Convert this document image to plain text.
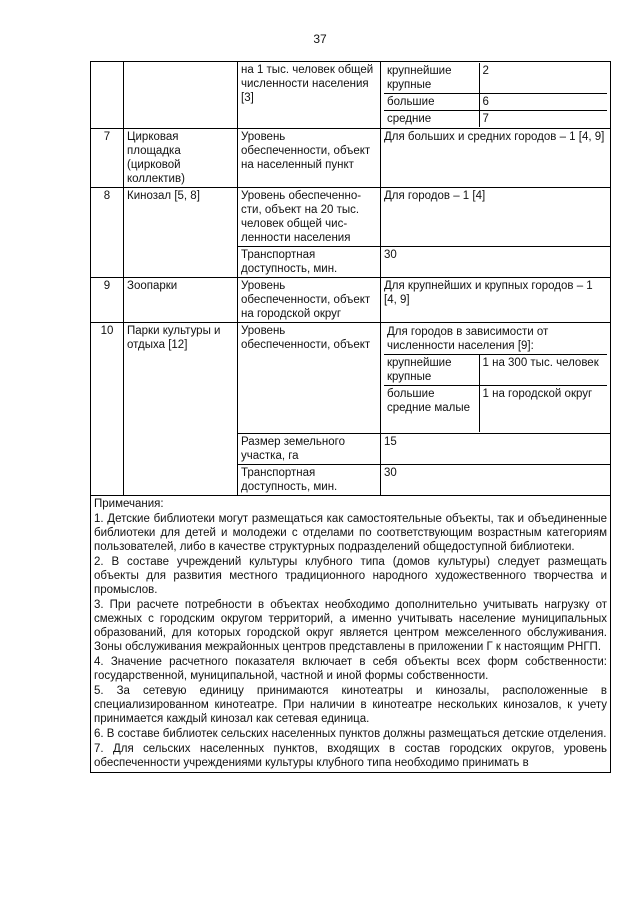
37
		на 1 тыс. человек общей численности населения [3]	
крупнейшие крупные	2
большие	6
средние	7

7	Цирковая площадка (цирковой коллектив)	Уровень обеспеченности, объект на населенный пункт	Для больших и средних городов – 1 [4, 9]
8	Кинозал [5, 8]	Уровень обеспеченно-сти, объект на 20 тыс. человек общей чис-ленности населения	Для городов – 1 [4]
Транспортная доступность, мин.	30
9	Зоопарки	Уровень обеспеченности, объект на городской округ	Для крупнейших и крупных городов – 1 [4, 9]
10	Парки культуры и отдыха [12]	Уровень обеспеченности, объект	
Для городов в зависимости от численности населения [9]:
крупнейшие крупные	1 на 300 тыс. человек
большие средние малые	1 на городской округ

Размер земельного участка, га	15
Транспортная доступность, мин.	30

Примечания:
1. Детские библиотеки могут размещаться как самостоятельные объекты, так и объединенные библиотеки для детей и молодежи с отделами по соответствующим возрастным категориям пользователей, либо в качестве структурных подразделений общедоступной библиотеки.
2. В составе учреждений культуры клубного типа (домов культуры) следует размещать объекты для развития местного традиционного народного художественного творчества и промыслов.
3. При расчете потребности в объектах необходимо дополнительно учитывать нагрузку от смежных с городским округом территорий, а именно учитывать население муниципальных образований, для которых городской округ является центром межселенного обслуживания. Зоны обслуживания межрайонных центров представлены в приложении Г к настоящим РНГП.
4. Значение расчетного показателя включает в себя объекты всех форм собственности: государственной, муниципальной, частной и иной формы собственности.
5. За сетевую единицу принимаются кинотеатры и кинозалы, расположенные в специализированном кинотеатре. При наличии в кинотеатре нескольких кинозалов, к учету принимается каждый кинозал как сетевая единица.
6. В составе библиотек сельских населенных пунктов должны размещаться детские отделения.
7. Для сельских населенных пунктов, входящих в состав городских округов, уровень обеспеченности учреждениями культуры клубного типа необходимо принимать в
